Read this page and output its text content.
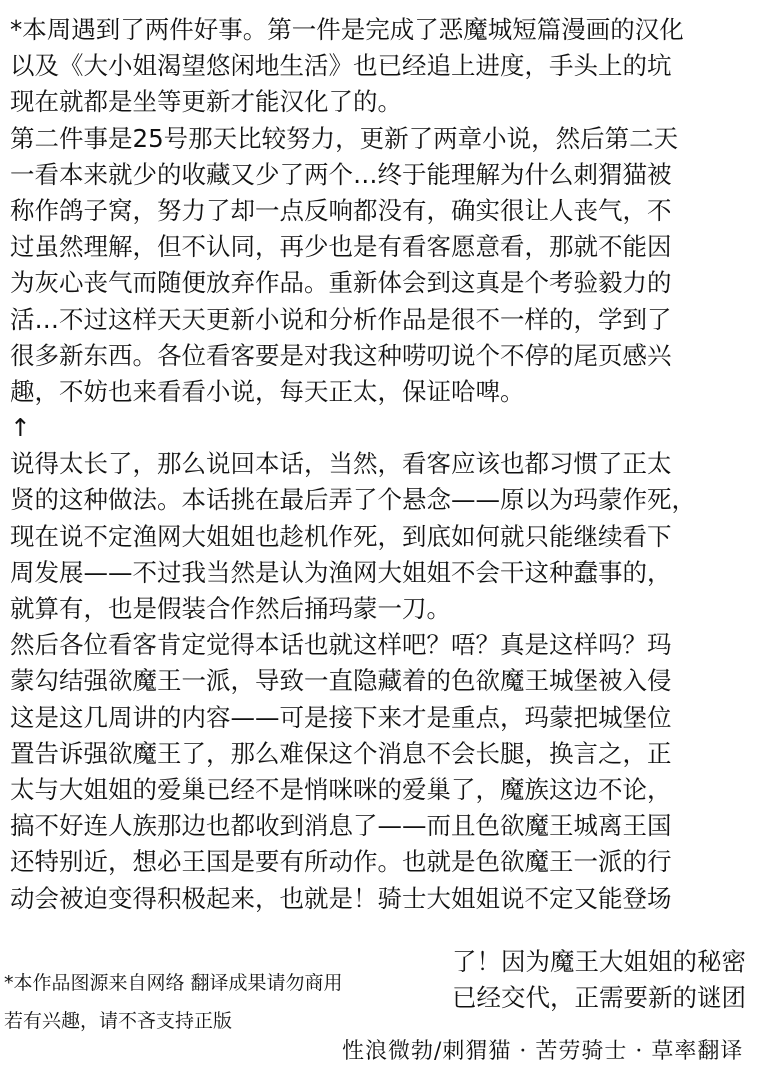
*本周遇到了两件好事。第一件是完成了恶魔城短篇漫画的汉化
以及《大小姐渴望悠闲地生活》也已经追上进度，手头上的坑
现在就都是坐等更新才能汉化了的。
第二件事是25号那天比较努力，更新了两章小说，然后第二天
一看本来就少的收藏又少了两个…终于能理解为什么刺猬猫被
称作鸽子窝，努力了却一点反响都没有，确实很让人丧气，不
过虽然理解，但不认同，再少也是有看客愿意看，那就不能因
为灰心丧气而随便放弃作品。重新体会到这真是个考验毅力的
活…不过这样天天更新小说和分析作品是很不一样的，学到了
很多新东西。各位看客要是对我这种唠叨说个不停的尾页感兴
趣，不妨也来看看小说，每天正太，保证哈啤。
↑
说得太长了，那么说回本话，当然，看客应该也都习惯了正太
贤的这种做法。本话挑在最后弄了个悬念——原以为玛蒙作死，
现在说不定渔网大姐姐也趁机作死，到底如何就只能继续看下
周发展——不过我当然是认为渔网大姐姐不会干这种蠢事的，
就算有，也是假装合作然后捅玛蒙一刀。
然后各位看客肯定觉得本话也就这样吧？唔？真是这样吗？玛
蒙勾结强欲魔王一派，导致一直隐藏着的色欲魔王城堡被入侵
这是这几周讲的内容——可是接下来才是重点，玛蒙把城堡位
置告诉强欲魔王了，那么难保这个消息不会长腿，换言之，正
太与大姐姐的爱巢已经不是悄咪咪的爱巢了，魔族这边不论，
搞不好连人族那边也都收到消息了——而且色欲魔王城离王国
还特别近，想必王国是要有所动作。也就是色欲魔王一派的行
动会被迫变得积极起来，也就是！骑士大姐姐说不定又能登场
了！因为魔王大姐姐的秘密
已经交代，正需要新的谜团
*本作品图源来自网络 翻译成果请勿商用
若有兴趣，请不吝支持正版
性浪微勃/刺猬猫 · 苦劳骑士 · 草率翻译
